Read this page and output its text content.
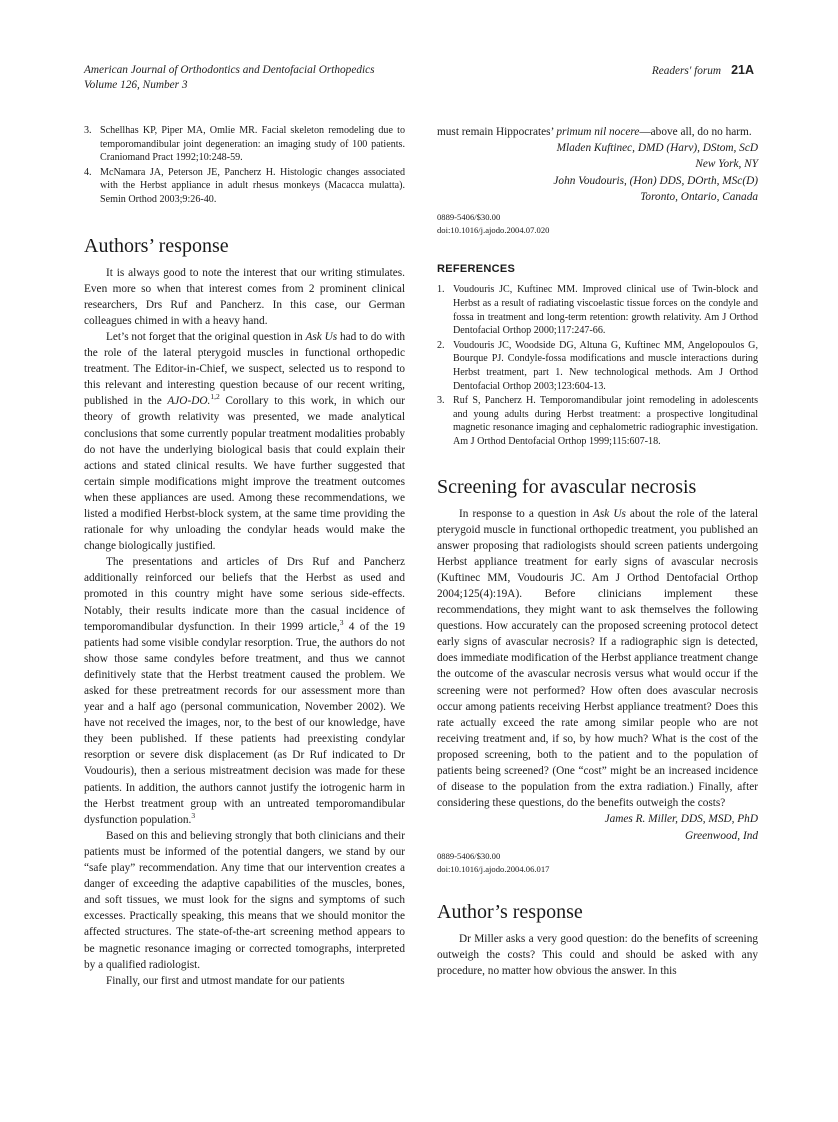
American Journal of Orthodontics and Dentofacial Orthopedics
Volume 126, Number 3
Readers' forum 21A
3. Schellhas KP, Piper MA, Omlie MR. Facial skeleton remodeling due to temporomandibular joint degeneration: an imaging study of 100 patients. Craniomand Pract 1992;10:248-59.
4. McNamara JA, Peterson JE, Pancherz H. Histologic changes associated with the Herbst appliance in adult rhesus monkeys (Macacca mulatta). Semin Orthod 2003;9:26-40.
Authors’ response

It is always good to note the interest that our writing stimulates. Even more so when that interest comes from 2 prominent clinical researchers, Drs Ruf and Pancherz. In this case, our German colleagues chimed in with a heavy hand.

Let’s not forget that the original question in Ask Us had to do with the role of the lateral pterygoid muscles in functional orthopedic treatment. The Editor-in-Chief, we suspect, selected us to respond to this relevant and interesting question because of our recent writing, published in the AJO-DO.$^{1,2}$ Corollary to this work, in which our theory of growth relativity was presented, we made analytical conclusions that some currently popular treatment modalities probably do not have the underlying biological basis that could explain their actions and stated clinical results. We have further suggested that certain simple modifications might improve the treatment outcomes when these appliances are used. Among these recommendations, we listed a modified Herbst-block system, at the same time providing the rationale for why unloading the condylar heads would make the change biologically justified.

The presentations and articles of Drs Ruf and Pancherz additionally reinforced our beliefs that the Herbst as used and promoted in this country might have some serious side-effects. Notably, their results indicate more than the casual incidence of temporomandibular dysfunction. In their 1999 article,$^3$ 4 of the 19 patients had some visible condylar resorption. True, the authors do not show those same condyles before treatment, and thus we cannot definitively state that the Herbst treatment caused the problem. We asked for these pretreatment records for our assessment more than year and a half ago (personal communication, November 2002). We have not received the images, nor, to the best of our knowledge, have they been published. If these patients had preexisting condylar resorption or severe disk displacement (as Dr Ruf indicated to Dr Voudouris), then a serious mistreatment decision was made for these patients. In addition, the authors cannot justify the iotrogenic harm in the Herbst treatment group with an untreated temporomandibular dysfunction population.$^3$

Based on this and believing strongly that both clinicians and their patients must be informed of the potential dangers, we stand by our “safe play” recommendation. Any time that our intervention creates a danger of exceeding the adaptive capabilities of the muscles, bones, and soft tissues, we must look for the signs and symptoms of such excesses. Practically speaking, this means that we should monitor the affected structures. The state-of-the-art screening method appears to be magnetic resonance imaging or corrected tomographs, interpreted by a qualified radiologist.

Finally, our first and utmost mandate for our patients

must remain Hippocrates’ primum nil nocere—above all, do no harm.

Mladen Kuftinec, DMD (Harv), DStom, ScD
New York, NY
John Voudouris, (Hon) DDS, DOrth, MSc(D)
Toronto, Ontario, Canada
0889-5406/$30.00
doi:10.1016/j.ajodo.2004.07.020
REFERENCES
1. Voudouris JC, Kuftinec MM. Improved clinical use of Twin-block and Herbst as a result of radiating viscoelastic tissue forces on the condyle and fossa in treatment and long-term retention: growth relativity. Am J Orthod Dentofacial Orthop 2000;117:247-66.
2. Voudouris JC, Woodside DG, Altuna G, Kuftinec MM, Angelopoulos G, Bourque PJ. Condyle-fossa modifications and muscle interactions during Herbst treatment, part 1. New technological methods. Am J Orthod Dentofacial Orthop 2003;123:604-13.
3. Ruf S, Pancherz H. Temporomandibular joint remodeling in adolescents and young adults during Herbst treatment: a prospective longitudinal magnetic resonance imaging and cephalometric radiographic investigation. Am J Orthod Dentofacial Orthop 1999;115:607-18.
Screening for avascular necrosis

In response to a question in Ask Us about the role of the lateral pterygoid muscle in functional orthopedic treatment, you published an answer proposing that radiologists should screen patients undergoing Herbst appliance treatment for early signs of avascular necrosis (Kuftinec MM, Voudouris JC. Am J Orthod Dentofacial Orthop 2004;125(4):19A). Before clinicians implement these recommendations, they might want to ask themselves the following questions. How accurately can the proposed screening protocol detect early signs of avascular necrosis? If a radiographic sign is detected, does immediate modification of the Herbst appliance treatment change the outcome of the avascular necrosis versus what would occur if the screening were not performed? How often does avascular necrosis occur among patients receiving Herbst appliance treatment? Does this rate actually exceed the rate among similar people who are not receiving treatment and, if so, by how much? What is the cost of the proposed screening, both to the patient and to the population of patients being screened? (One “cost” might be an increased incidence of disease to the population from the extra radiation.) Finally, after considering these questions, do the benefits outweigh the costs?

James R. Miller, DDS, MSD, PhD
Greenwood, Ind
0889-5406/$30.00
doi:10.1016/j.ajodo.2004.06.017
Author’s response

Dr Miller asks a very good question: do the benefits of screening outweigh the costs? This could and should be asked with any procedure, no matter how obvious the answer. In this
